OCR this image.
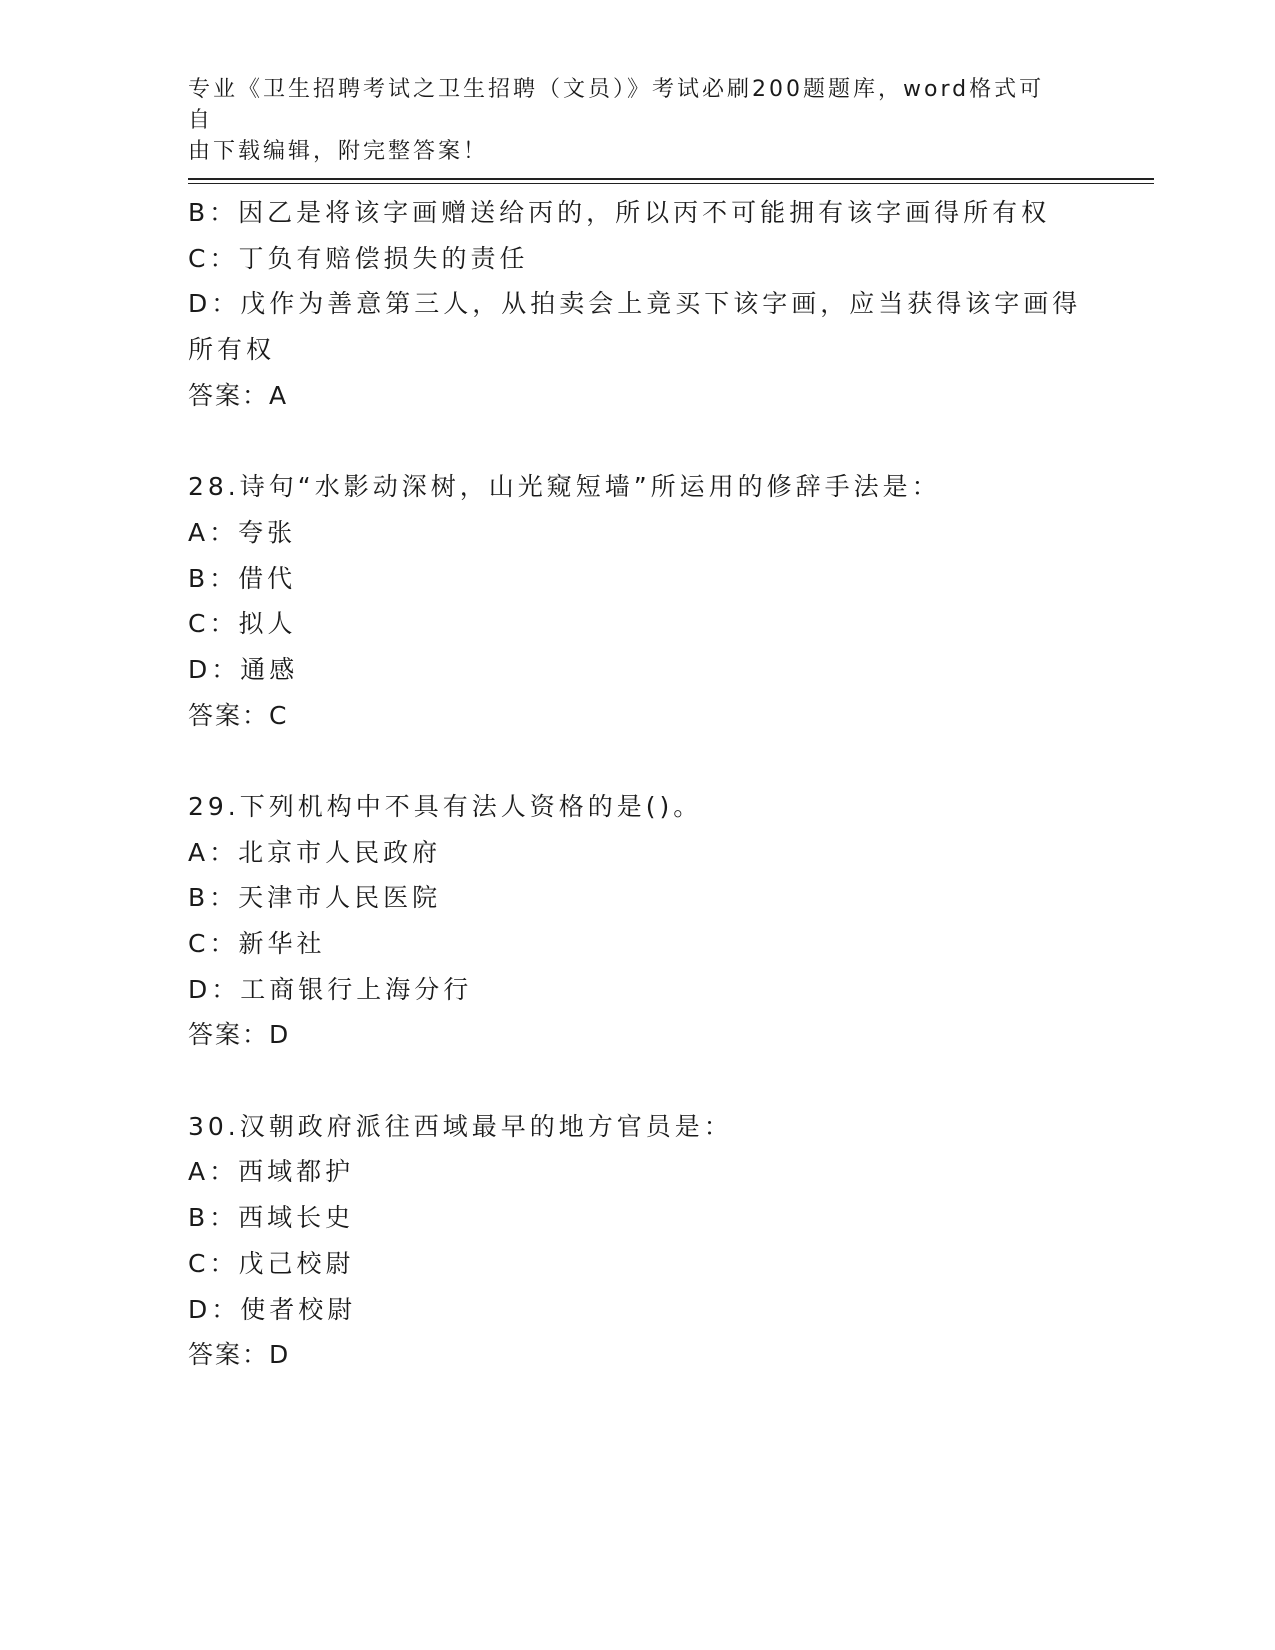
专业《卫生招聘考试之卫生招聘（文员）》考试必刷200题题库，word格式可自
由下载编辑，附完整答案！
B：因乙是将该字画赠送给丙的，所以丙不可能拥有该字画得所有权
C：丁负有赔偿损失的责任
D：戊作为善意第三人，从拍卖会上竟买下该字画，应当获得该字画得
所有权
答案：A
28.诗句“水影动深树，山光窥短墙”所运用的修辞手法是：
A：夸张
B：借代
C：拟人
D：通感
答案：C
29.下列机构中不具有法人资格的是()。
A：北京市人民政府
B：天津市人民医院
C：新华社
D：工商银行上海分行
答案：D
30.汉朝政府派往西域最早的地方官员是：
A：西域都护
B：西域长史
C：戊己校尉
D：使者校尉
答案：D
